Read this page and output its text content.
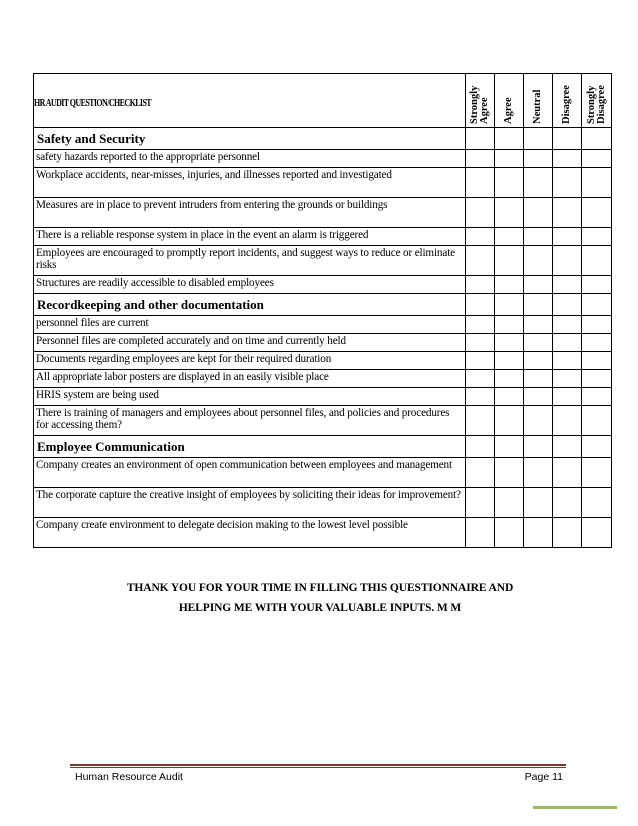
HR AUDIT QUESTION/CHECKLIST	Strongly Agree	Agree	Neutral	Disagree	Strongly Disagree

Safety and Security					
safety hazards reported to the appropriate personnel					
Workplace accidents, near-misses, injuries, and illnesses reported and investigated					
Measures are in place to prevent intruders from entering the grounds or buildings					
There is a reliable response system in place in the event an alarm is triggered					
Employees are encouraged to promptly report incidents, and suggest ways to reduce or eliminate risks					
Structures are readily accessible to disabled employees					
Recordkeeping and other documentation					
personnel files are current					
Personnel files are completed accurately and on time and currently held					
Documents regarding employees are kept for their required duration					
All appropriate labor posters are displayed in an easily visible place					
HRIS system are being used					
There is training of managers and employees about personnel files, and policies and procedures for accessing them?					
Employee Communication					
Company creates an environment of open communication between employees and management					
The corporate capture the creative insight of employees by soliciting their ideas for improvement?					
Company create environment to delegate decision making to the lowest level possible					
THANK YOU FOR YOUR TIME IN FILLING THIS QUESTIONNAIRE AND
HELPING ME WITH YOUR VALUABLE INPUTS. M M
Human Resource Audit	Page 11
